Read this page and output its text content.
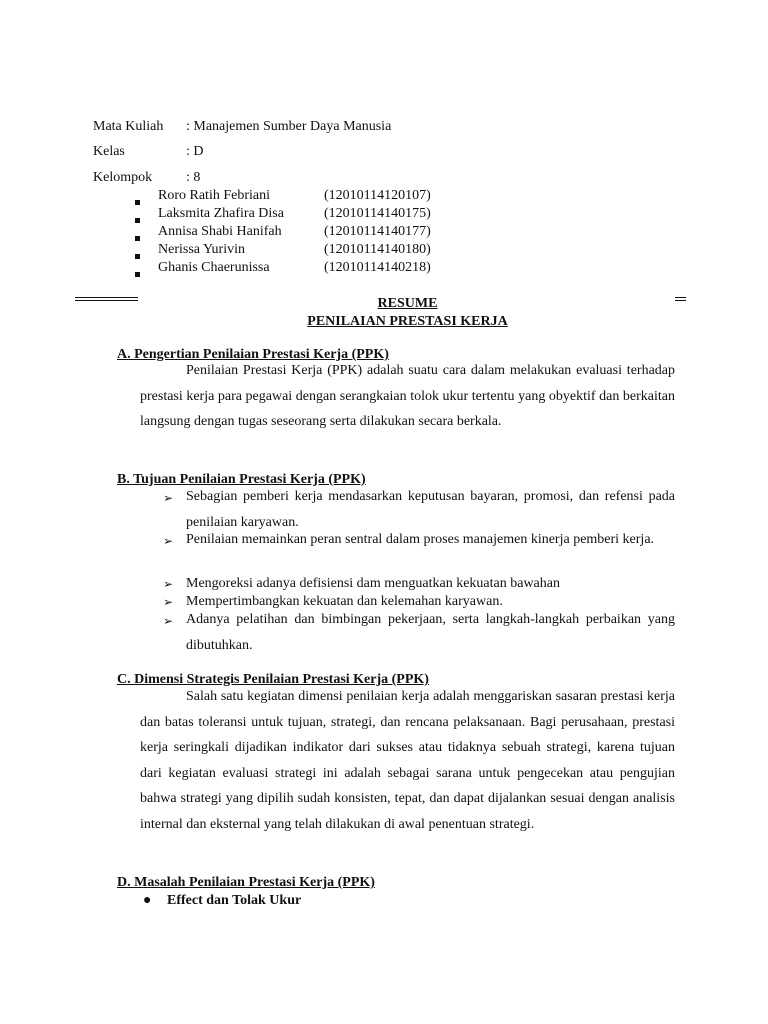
Mata Kuliah : Manajemen Sumber Daya Manusia
Kelas	: D
Kelompok : 8
Roro Ratih Febriani	(12010114120107)
Laksmita Zhafira Disa	(12010114140175)
Annisa Shabi Hanifah	(12010114140177)
Nerissa Yurivin	(12010114140180)
Ghanis Chaerunissa	(12010114140218)
RESUME
PENILAIAN PRESTASI KERJA
A. Pengertian Penilaian Prestasi Kerja (PPK)
Penilaian Prestasi Kerja (PPK) adalah suatu cara dalam melakukan evaluasi terhadap prestasi kerja para pegawai dengan serangkaian tolok ukur tertentu yang obyektif dan berkaitan langsung dengan tugas seseorang serta dilakukan secara berkala.
B. Tujuan Penilaian Prestasi Kerja (PPK)
➢ Sebagian pemberi kerja mendasarkan keputusan bayaran, promosi, dan refensi pada penilaian karyawan.
➢ Penilaian memainkan peran sentral dalam proses manajemen kinerja pemberi kerja.
➢ Mengoreksi adanya defisiensi dam menguatkan kekuatan bawahan
➢ Mempertimbangkan kekuatan dan kelemahan karyawan.
➢ Adanya pelatihan dan bimbingan pekerjaan, serta langkah-langkah perbaikan yang dibutuhkan.
C. Dimensi Strategis Penilaian Prestasi Kerja (PPK)
Salah satu kegiatan dimensi penilaian kerja adalah menggariskan sasaran prestasi kerja dan batas toleransi untuk tujuan, strategi, dan rencana pelaksanaan. Bagi perusahaan, prestasi kerja seringkali dijadikan indikator dari sukses atau tidaknya sebuah strategi, karena tujuan dari kegiatan evaluasi strategi ini adalah sebagai sarana untuk pengecekan atau pengujian bahwa strategi yang dipilih sudah konsisten, tepat, dan dapat dijalankan sesuai dengan analisis internal dan eksternal yang telah dilakukan di awal penentuan strategi.
D. Masalah Penilaian Prestasi Kerja (PPK)
● Effect dan Tolak Ukur
